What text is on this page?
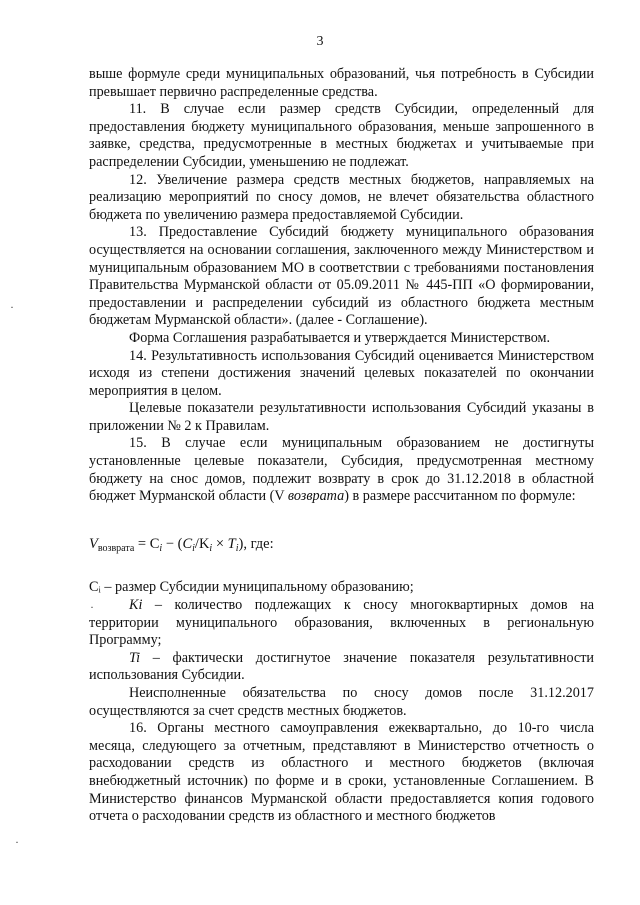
3
·
·
·

выше формуле среди муниципальных образований, чья потребность в Субсидии превышает первично распределенные средства.

11. В случае если размер средств Субсидии, определенный для предоставления бюджету муниципального образования, меньше запрошенного в заявке, средства, предусмотренные в местных бюджетах и учитываемые при распределении Субсидии, уменьшению не подлежат.

12. Увеличение размера средств местных бюджетов, направляемых на реализацию мероприятий по сносу домов, не влечет обязательства областного бюджета по увеличению размера предоставляемой Субсидии.

13. Предоставление Субсидий бюджету муниципального образования осуществляется на основании соглашения, заключенного между Министерством и муниципальным образованием МО в соответствии с требованиями постановления Правительства Мурманской области от 05.09.2011 № 445-ПП «О формировании, предоставлении и распределении субсидий из областного бюджета местным бюджетам Мурманской области». (далее - Соглашение).

Форма Соглашения разрабатывается и утверждается Министерством.

14. Результативность использования Субсидий оценивается Министерством исходя из степени достижения значений целевых показателей по окончании мероприятия в целом.

Целевые показатели результативности использования Субсидий указаны в приложении № 2 к Правилам.

15. В случае если муниципальным образованием не достигнуты установленные целевые показатели, Субсидия, предусмотренная местному бюджету на снос домов, подлежит возврату в срок до 31.12.2018 в областной бюджет Мурманской области (V возврата) в размере рассчитанном по формуле:

$V_{возврата} = C_i - (C_i/K_i \times T_i)$, где:

Cᵢ – размер Субсидии муниципальному образованию;

Ki – количество подлежащих к сносу многоквартирных домов на территории муниципального образования, включенных в региональную Программу;

Ti – фактически достигнутое значение показателя результативности использования Субсидии.

Неисполненные обязательства по сносу домов после 31.12.2017 осуществляются за счет средств местных бюджетов.

16. Органы местного самоуправления ежеквартально, до 10-го числа месяца, следующего за отчетным, представляют в Министерство отчетность о расходовании средств из областного и местного бюджетов (включая внебюджетный источник) по форме и в сроки, установленные Соглашением. В Министерство финансов Мурманской области предоставляется копия годового отчета о расходовании средств из областного и местного бюджетов
